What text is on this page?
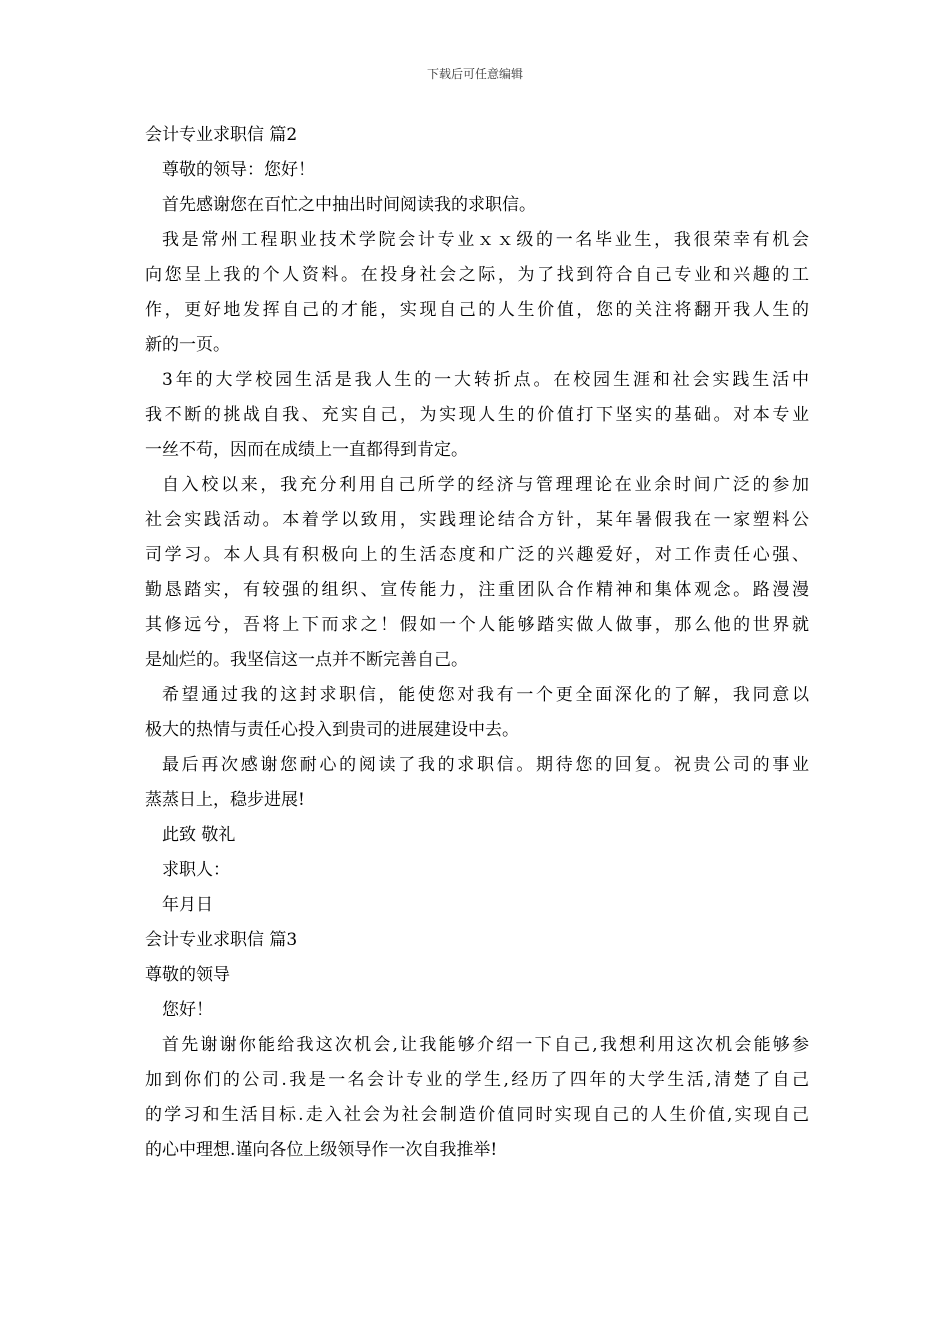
下载后可任意编辑
会计专业求职信 篇2
尊敬的领导：您好！
首先感谢您在百忙之中抽出时间阅读我的求职信。
我是常州工程职业技术学院会计专业ｘｘ级的一名毕业生，我很荣幸有机会
向您呈上我的个人资料。在投身社会之际，为了找到符合自己专业和兴趣的工
作，更好地发挥自己的才能，实现自己的人生价值，您的关注将翻开我人生的
新的一页。
3年的大学校园生活是我人生的一大转折点。在校园生涯和社会实践生活中
我不断的挑战自我、充实自己，为实现人生的价值打下坚实的基础。对本专业
一丝不苟，因而在成绩上一直都得到肯定。
自入校以来，我充分利用自己所学的经济与管理理论在业余时间广泛的参加
社会实践活动。本着学以致用，实践理论结合方针，某年暑假我在一家塑料公
司学习。本人具有积极向上的生活态度和广泛的兴趣爱好，对工作责任心强、
勤恳踏实，有较强的组织、宣传能力，注重团队合作精神和集体观念。路漫漫
其修远兮，吾将上下而求之！假如一个人能够踏实做人做事，那么他的世界就
是灿烂的。我坚信这一点并不断完善自己。
希望通过我的这封求职信，能使您对我有一个更全面深化的了解，我同意以
极大的热情与责任心投入到贵司的进展建设中去。
最后再次感谢您耐心的阅读了我的求职信。期待您的回复。祝贵公司的事业
蒸蒸日上，稳步进展!
此致 敬礼
求职人：
年月日
会计专业求职信 篇3
尊敬的领导
您好！
首先谢谢你能给我这次机会,让我能够介绍一下自己,我想利用这次机会能够参
加到你们的公司.我是一名会计专业的学生,经历了四年的大学生活,清楚了自己
的学习和生活目标.走入社会为社会制造价值同时实现自己的人生价值,实现自己
的心中理想.谨向各位上级领导作一次自我推举!
